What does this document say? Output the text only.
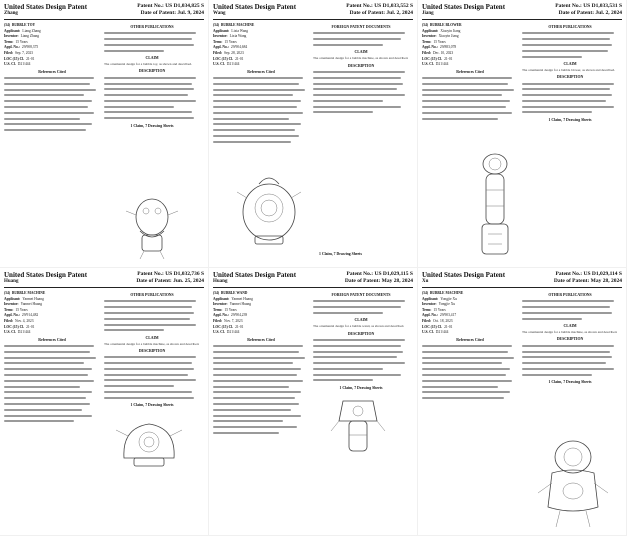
United States Design Patent
Zhang
Patent No.: US D1,034,825 S
Date of Patent: Jul. 9, 2024
(54) BUBBLE TOY
Applicant: Liang Zhang
Inventor: Liang Zhang
Term: 15 Years
Appl. No.: 29/908,375
Filed: Sep. 7, 2023
LOC (15) Cl. 21-01
U.S. Cl. D21/444
References Cited
OTHER PUBLICATIONS
CLAIM
The ornamental design for a bubble toy, as shown and described.
DESCRIPTION
1 Claim, 7 Drawing Sheets
United States Design Patent
Wang
Patent No.: US D1,033,552 S
Date of Patent: Jul. 2, 2024
(54) BUBBLE MACHINE
Applicant: Lixia Wang
Inventor: Lixia Wang
Term: 15 Years
Appl. No.: 29/904,684
Filed: Sep. 28, 2023
LOC (15) Cl. 21-01
U.S. Cl. D21/444
References Cited
FOREIGN PATENT DOCUMENTS
CLAIM
The ornamental design for a bubble machine, as shown and described.
DESCRIPTION
1 Claim, 7 Drawing Sheets
United States Design Patent
Jiang
Patent No.: US D1,033,531 S
Date of Patent: Jul. 2, 2024
(54) BUBBLE BLOWER
Applicant: Xiaoyin Jiang
Inventor: Xiaoyin Jiang
Term: 15 Years
Appl. No.: 29/883,078
Filed: Dec. 10, 2023
LOC (15) Cl. 21-01
U.S. Cl. D21/444
References Cited
OTHER PUBLICATIONS
CLAIM
The ornamental design for a bubble blower, as shown and described.
DESCRIPTION
1 Claim, 7 Drawing Sheets
United States Design Patent
Huang
Patent No.: US D1,032,736 S
Date of Patent: Jun. 25, 2024
(54) BUBBLE MACHINE
Applicant: Yanmei Huang
Inventor: Yanmei Huang
Term: 15 Years
Appl. No.: 29/914,482
Filed: Nov. 4, 2023
LOC (15) Cl. 21-01
U.S. Cl. D21/444
References Cited
OTHER PUBLICATIONS
CLAIM
The ornamental design for a bubble machine, as shown and described.
DESCRIPTION
1 Claim, 7 Drawing Sheets
United States Design Patent
Huang
Patent No.: US D1,029,115 S
Date of Patent: May 28, 2024
(54) BUBBLE WAND
Applicant: Yanmei Huang
Inventor: Yanmei Huang
Term: 15 Years
Appl. No.: 29/904,239
Filed: Nov. 7, 2023
LOC (15) Cl. 21-01
U.S. Cl. D21/444
References Cited
FOREIGN PATENT DOCUMENTS
CLAIM
The ornamental design for a bubble wand, as shown and described.
DESCRIPTION
1 Claim, 7 Drawing Sheets
United States Design Patent
Xu
Patent No.: US D1,029,114 S
Date of Patent: May 28, 2024
(54) BUBBLE MACHINE
Applicant: Yongjie Xu
Inventor: Yongjie Xu
Term: 15 Years
Appl. No.: 29/903,417
Filed: Oct. 18, 2023
LOC (15) Cl. 21-01
U.S. Cl. D21/444
References Cited
OTHER PUBLICATIONS
CLAIM
The ornamental design for a bubble machine, as shown and described.
DESCRIPTION
1 Claim, 7 Drawing Sheets
